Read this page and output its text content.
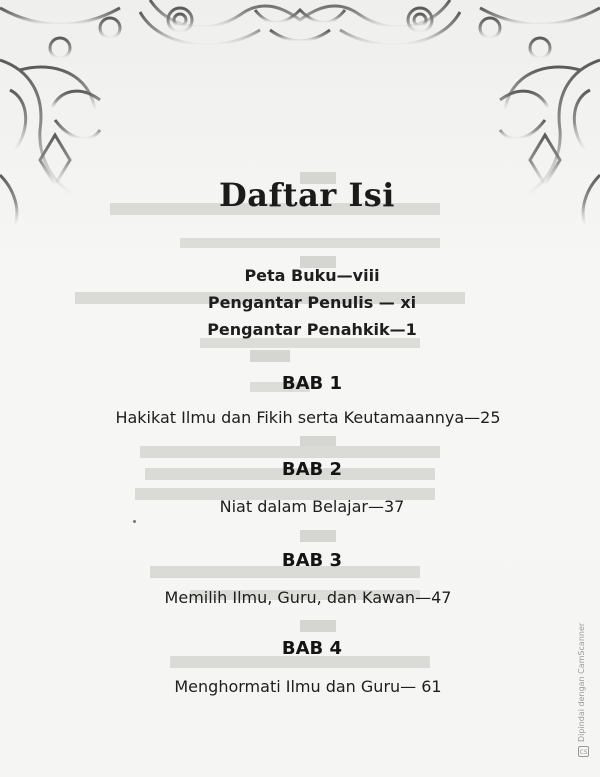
Daftar Isi
Peta Buku—viii
Pengantar Penulis — xi
Pengantar Penahkik—1
BAB 1
Hakikat Ilmu dan Fikih serta Keutamaannya—25
BAB 2
Niat dalam Belajar—37
BAB 3
Memilih Ilmu, Guru, dan Kawan—47
BAB 4
Menghormati Ilmu dan Guru— 61	Dipindai dengan CamScanner
CS
